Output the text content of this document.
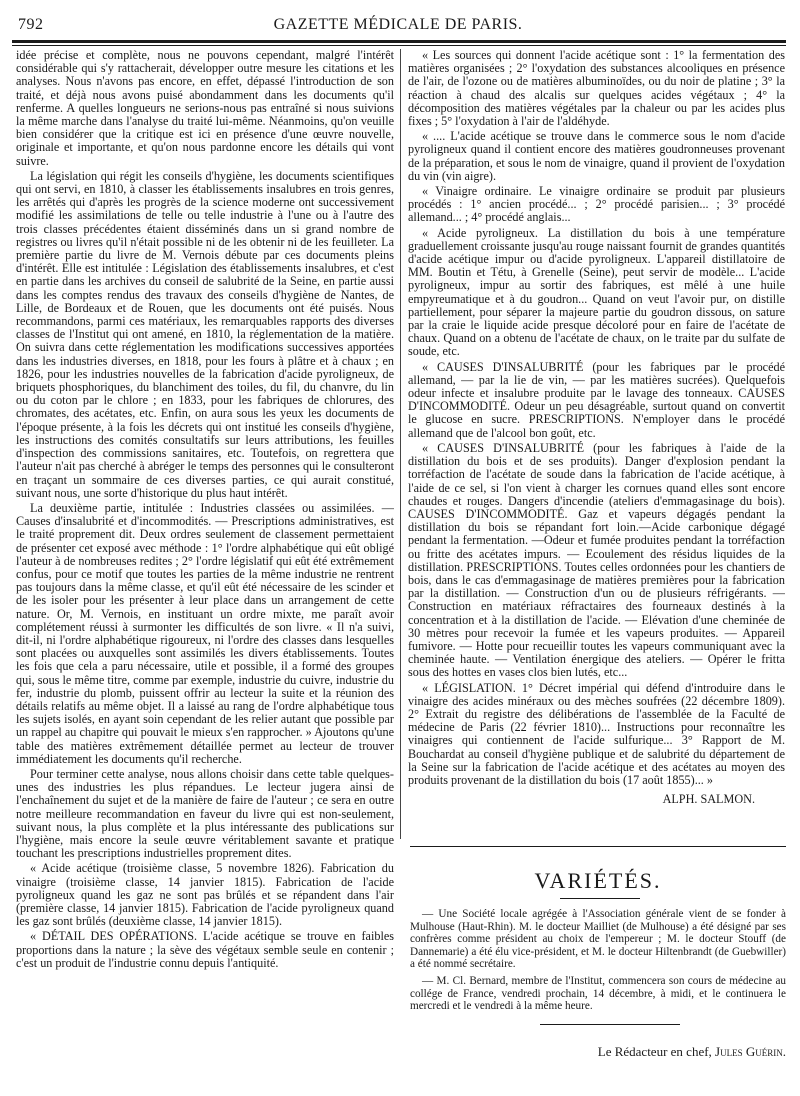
792	GAZETTE MÉDICALE DE PARIS.

idée précise et complète, nous ne pouvons cependant, malgré l'intérêt considérable qui s'y rattacherait, développer outre mesure les citations et les analyses. Nous n'avons pas encore, en effet, dépassé l'introduction de son traité, et déjà nous avons puisé abondamment dans les documents qu'il renferme. A quelles longueurs ne serions-nous pas entraîné si nous suivions la même marche dans l'analyse du traité lui-même. Néanmoins, qu'on veuille bien considérer que la critique est ici en présence d'une œuvre nouvelle, originale et importante, et qu'on nous pardonne encore les détails qui vont suivre.

La législation qui régit les conseils d'hygiène, les documents scientifiques qui ont servi, en 1810, à classer les établissements insalubres en trois genres, les arrêtés qui d'après les progrès de la science moderne ont successivement modifié les assimilations de telle ou telle industrie à l'une ou à l'autre des trois classes précédentes étaient disséminés dans un si grand nombre de registres ou livres qu'il n'était possible ni de les obtenir ni de les feuilleter. La première partie du livre de M. Vernois débute par ces documents pleins d'intérêt. Elle est intitulée : Législation des établissements insalubres, et c'est en partie dans les archives du conseil de salubrité de la Seine, en partie aussi dans les comptes rendus des travaux des conseils d'hygiène de Nantes, de Lille, de Bordeaux et de Rouen, que les documents ont été puisés. Nous recommandons, parmi ces matériaux, les remarquables rapports des diverses classes de l'Institut qui ont amené, en 1810, la réglementation de la matière. On suivra dans cette réglementation les modifications successives apportées dans les industries diverses, en 1818, pour les fours à plâtre et à chaux ; en 1826, pour les industries nouvelles de la fabrication d'acide pyroligneux, de briquets phosphoriques, du blanchiment des toiles, du fil, du chanvre, du lin ou du coton par le chlore ; en 1833, pour les fabriques de chlorures, des chromates, des acétates, etc. Enfin, on aura sous les yeux les documents de l'époque présente, à la fois les décrets qui ont institué les conseils d'hygiène, les instructions des comités consultatifs sur leurs attributions, les feuilles d'inspection des commissions sanitaires, etc. Toutefois, on regrettera que l'auteur n'ait pas cherché à abréger le temps des personnes qui le consulteront en traçant un sommaire de ces diverses parties, ce qui aurait constitué, suivant nous, une sorte d'historique du plus haut intérêt.

La deuxième partie, intitulée : Industries classées ou assimilées. — Causes d'insalubrité et d'incommodités. — Prescriptions administratives, est le traité proprement dit. Deux ordres seulement de classement permettaient de présenter cet exposé avec méthode : 1° l'ordre alphabétique qui eût obligé l'auteur à de nombreuses redites ; 2° l'ordre législatif qui eût été extrêmement confus, pour ce motif que toutes les parties de la même industrie ne rentrent pas toujours dans la même classe, et qu'il eût été nécessaire de les scinder et de les isoler pour les présenter à leur place dans un arrangement de cette nature. Or, M. Vernois, en instituant un ordre mixte, me paraît avoir complétement réussi à surmonter les difficultés de son livre. « Il n'a suivi, dit-il, ni l'ordre alphabétique rigoureux, ni l'ordre des classes dans lesquelles sont placées ou auxquelles sont assimilés les divers établissements. Toutes les fois que cela a paru nécessaire, utile et possible, il a formé des groupes qui, sous le même titre, comme par exemple, industrie du cuivre, industrie du fer, industrie du plomb, puissent offrir au lecteur la suite et la réunion des détails relatifs au même objet. Il a laissé au rang de l'ordre alphabétique tous les sujets isolés, en ayant soin cependant de les relier autant que possible par un rappel au chapitre qui pouvait le mieux s'en rapprocher. » Ajoutons qu'une table des matières extrêmement détaillée permet au lecteur de trouver immédiatement les documents qu'il recherche.

Pour terminer cette analyse, nous allons choisir dans cette table quelques-unes des industries les plus répandues. Le lecteur jugera ainsi de l'enchaînement du sujet et de la manière de faire de l'auteur ; ce sera en outre notre meilleure recommandation en faveur du livre qui est non-seulement, suivant nous, la plus complète et la plus intéressante des publications sur l'hygiène, mais encore la seule œuvre véritablement savante et pratique touchant les prescriptions industrielles proprement dites.

« Acide acétique (troisième classe, 5 novembre 1826). Fabrication du vinaigre (troisième classe, 14 janvier 1815). Fabrication de l'acide pyroligneux quand les gaz ne sont pas brûlés et se répandent dans l'air (première classe, 14 janvier 1815). Fabrication de l'acide pyroligneux quand les gaz sont brûlés (deuxième classe, 14 janvier 1815).

« DÉTAIL DES OPÉRATIONS. L'acide acétique se trouve en faibles proportions dans la nature ; la sève des végétaux semble seule en contenir ; c'est un produit de l'industrie connu depuis l'antiquité.

« Les sources qui donnent l'acide acétique sont : 1° la fermentation des matières organisées ; 2° l'oxydation des substances alcooliques en présence de l'air, de l'ozone ou de matières albuminoïdes, ou du noir de platine ; 3° la réaction à chaud des alcalis sur quelques acides végétaux ; 4° la décomposition des matières végétales par la chaleur ou par les acides plus fixes ; 5° l'oxydation à l'air de l'aldéhyde.

« .... L'acide acétique se trouve dans le commerce sous le nom d'acide pyroligneux quand il contient encore des matières goudronneuses provenant de la préparation, et sous le nom de vinaigre, quand il provient de l'oxydation du vin (vin aigre).

« Vinaigre ordinaire. Le vinaigre ordinaire se produit par plusieurs procédés : 1° ancien procédé... ; 2° procédé parisien... ; 3° procédé allemand... ; 4° procédé anglais...

« Acide pyroligneux. La distillation du bois à une température graduellement croissante jusqu'au rouge naissant fournit de grandes quantités d'acide acétique impur ou d'acide pyroligneux. L'appareil distillatoire de MM. Boutin et Tétu, à Grenelle (Seine), peut servir de modèle... L'acide pyroligneux, impur au sortir des fabriques, est mêlé à une huile empyreumatique et à du goudron... Quand on veut l'avoir pur, on distille partiellement, pour séparer la majeure partie du goudron dissous, on sature par la craie le liquide acide presque décoloré pour en faire de l'acétate de chaux. Quand on a obtenu de l'acétate de chaux, on le traite par du sulfate de soude, etc.

« CAUSES D'INSALUBRITÉ (pour les fabriques par le procédé allemand, — par la lie de vin, — par les matières sucrées). Quelquefois odeur infecte et insalubre produite par le lavage des tonneaux. CAUSES D'INCOMMODITÉ. Odeur un peu désagréable, surtout quand on convertit le glucose en sucre. PRESCRIPTIONS. N'employer dans le procédé allemand que de l'alcool bon goût, etc.

« CAUSES D'INSALUBRITÉ (pour les fabriques à l'aide de la distillation du bois et de ses produits). Danger d'explosion pendant la torréfaction de l'acétate de soude dans la fabrication de l'acide acétique, à l'aide de ce sel, si l'on vient à charger les cornues quand elles sont encore chaudes et rouges. Dangers d'incendie (ateliers d'emmagasinage du bois). CAUSES D'INCOMMODITÉ. Gaz et vapeurs dégagés pendant la distillation du bois se répandant fort loin.—Acide carbonique dégagé pendant la fermentation. —Odeur et fumée produites pendant la torréfaction ou fritte des acétates impurs. — Ecoulement des résidus liquides de la distillation. PRESCRIPTIONS. Toutes celles ordonnées pour les chantiers de bois, dans le cas d'emmagasinage de matières premières pour la fabrication par la distillation. — Construction d'un ou de plusieurs réfrigérants. — Construction en matériaux réfractaires des fourneaux destinés à la concentration et à la distillation de l'acide. — Elévation d'une cheminée de 30 mètres pour recevoir la fumée et les vapeurs produites. — Appareil fumivore. — Hotte pour recueillir toutes les vapeurs communiquant avec la cheminée haute. — Ventilation énergique des ateliers. — Opérer le fritta sous des hottes en vases clos bien lutés, etc...

« LÉGISLATION. 1° Décret impérial qui défend d'introduire dans le vinaigre des acides minéraux ou des mèches soufrées (22 décembre 1809). 2° Extrait du registre des délibérations de l'assemblée de la Faculté de médecine de Paris (22 février 1810)... Instructions pour reconnaître les vinaigres qui contiennent de l'acide sulfurique... 3° Rapport de M. Bouchardat au conseil d'hygiène publique et de salubrité du département de la Seine sur la fabrication de l'acide acétique et des acétates au moyen des produits provenant de la distillation du bois (17 août 1855)... »

ALPH. SALMON.
VARIÉTÉS.

— Une Société locale agrégée à l'Association générale vient de se fonder à Mulhouse (Haut-Rhin). M. le docteur Mailliet (de Mulhouse) a été désigné par ses confrères comme président au choix de l'empereur ; M. le docteur Stouff (de Dannemarie) a été élu vice-président, et M. le docteur Hiltenbrandt (de Guebwiller) a été nommé secrétaire.

— M. Cl. Bernard, membre de l'Institut, commencera son cours de médecine au collége de France, vendredi prochain, 14 décembre, à midi, et le continuera le mercredi et le vendredi à la même heure.

Le Rédacteur en chef, Jules Guérin.
